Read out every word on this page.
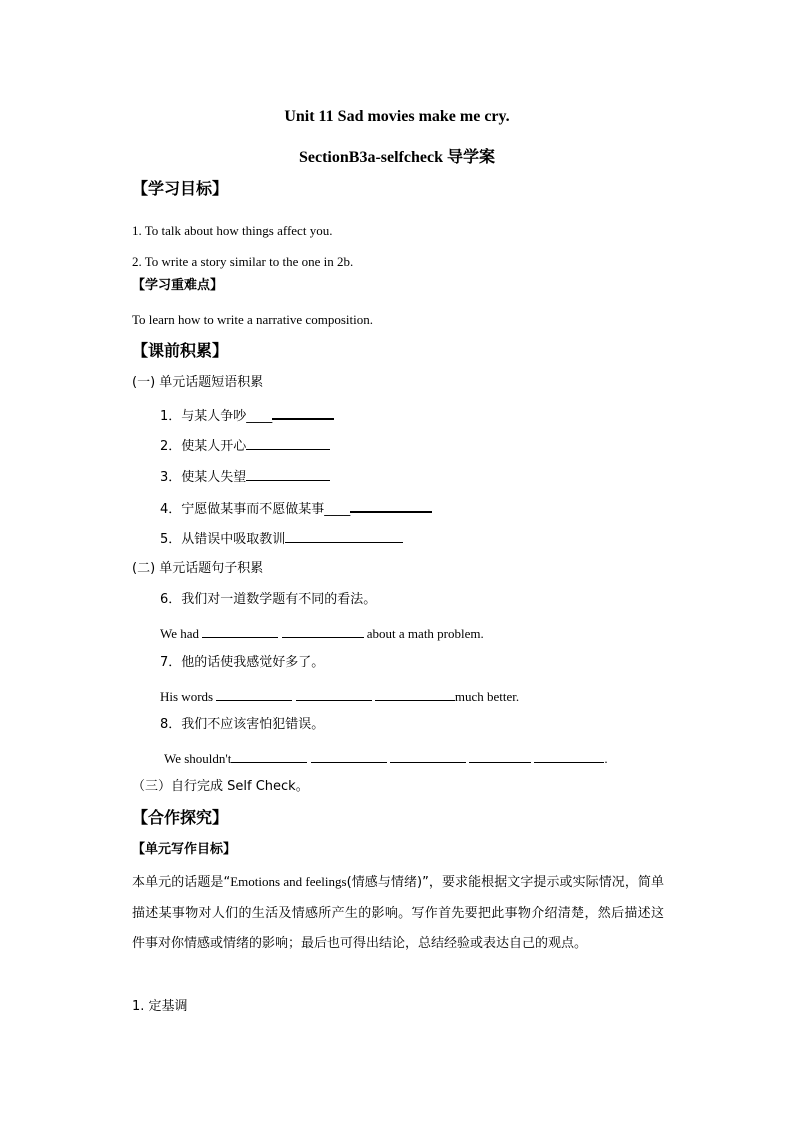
Unit 11 Sad movies make me cry.
SectionB3a-selfcheck 导学案
【学习目标】
1. To talk about how things affect you.
2. To write a story similar to the one in 2b.
【学习重难点】
To learn how to write a narrative composition.
【课前积累】
(一) 单元话题短语积累
1．与某人争吵____
2．使某人开心
3．使某人失望
4．宁愿做某事而不愿做某事____
5．从错误中吸取教训
(二) 单元话题句子积累
6．我们对一道数学题有不同的看法。
We had	about a math problem.
7．他的话使我感觉好多了。
His words	much better.
8．我们不应该害怕犯错误。
We shouldn't	.
（三）自行完成 Self Check。
【合作探究】
【单元写作目标】
本单元的话题是“Emotions and feelings(情感与情绪)”，要求能根据文字提示或实际情况，简单描述某事物对人们的生活及情感所产生的影响。写作首先要把此事物介绍清楚，然后描述这件事对你情感或情绪的影响；最后也可得出结论，总结经验或表达自己的观点。
1. 定基调
